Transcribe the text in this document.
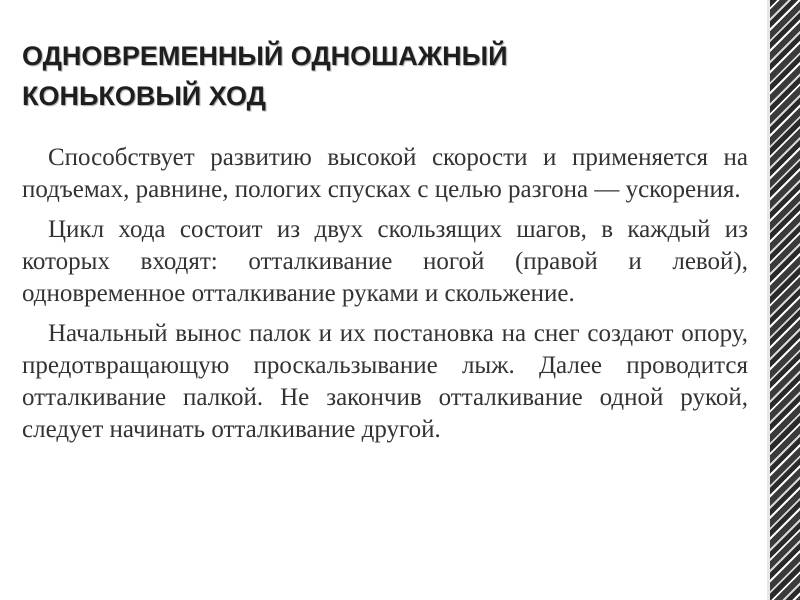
ОДНОВРЕМЕННЫЙ ОДНОШАЖНЫЙ
КОНЬКОВЫЙ ХОД

Способствует развитию высокой скорости и применяется на подъемах, равнине, пологих спусках с целью разгона — ускорения.

Цикл хода состоит из двух скользящих шагов, в каждый из которых входят: отталкивание ногой (правой и левой), одновременное отталкивание руками и скольжение.

Начальный вынос палок и их постановка на снег создают опору, предотвращающую проскальзывание лыж. Далее проводится отталкивание палкой. Не закончив отталкивание одной рукой, следует начинать отталкивание другой.
